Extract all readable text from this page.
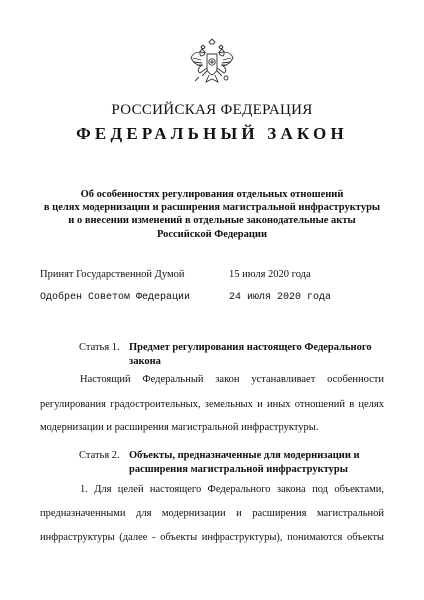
РОССИЙСКАЯ ФЕДЕРАЦИЯ
ФЕДЕРАЛЬНЫЙ ЗАКОН
Об особенностях регулирования отдельных отношений
в целях модернизации и расширения магистральной инфраструктуры
и о внесении изменений в отдельные законодательные акты
Российской Федерации
Принят Государственной Думой	15 июля 2020 года
Одобрен Советом Федерации	24 июля 2020 года
Статья 1. Предмет регулирования настоящего Федерального
закона
Настоящий Федеральный закон устанавливает особенности
регулирования градостроительных, земельных и иных отношений в целях
модернизации и расширения магистральной инфраструктуры.
Статья 2. Объекты, предназначенные для модернизации и
расширения магистральной инфраструктуры
1. Для целей настоящего Федерального закона под объектами,
предназначенными для модернизации и расширения магистральной
инфраструктуры (далее - объекты инфраструктуры), понимаются объекты
